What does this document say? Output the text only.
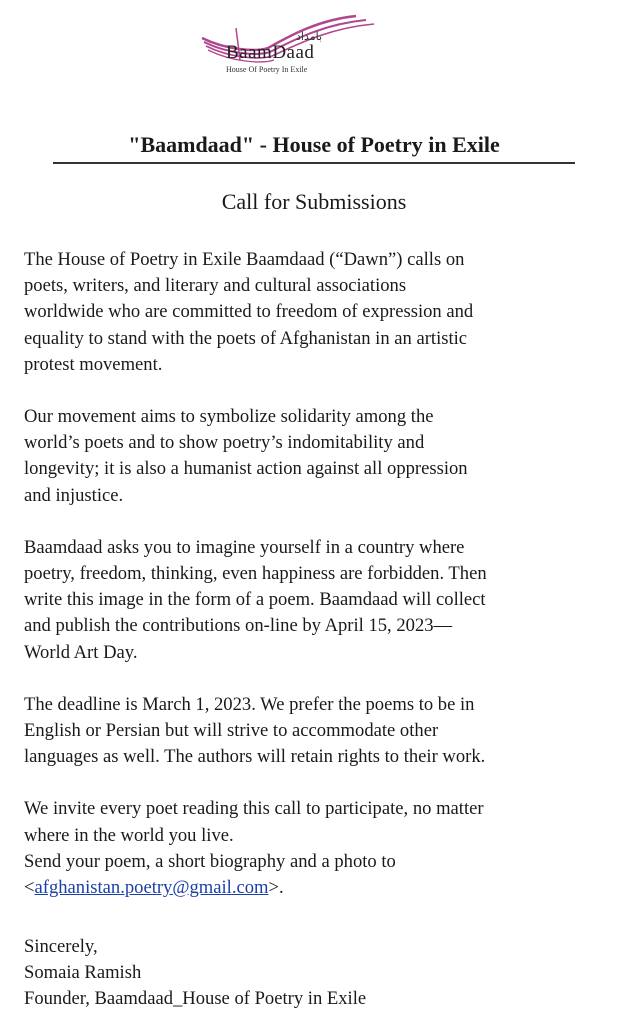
بامداد
BaamDaad
House Of Poetry In Exile
"Baamdaad" - House of Poetry in Exile
Call for Submissions

The House of Poetry in Exile Baamdaad (“Dawn”) calls on
poets, writers, and literary and cultural associations
worldwide who are committed to freedom of expression and
equality to stand with the poets of Afghanistan in an artistic
protest movement.

Our movement aims to symbolize solidarity among the
world’s poets and to show poetry’s indomitability and
longevity; it is also a humanist action against all oppression
and injustice.

Baamdaad asks you to imagine yourself in a country where
poetry, freedom, thinking, even happiness are forbidden. Then
write this image in the form of a poem. Baamdaad will collect
and publish the contributions on-line by April 15, 2023—
World Art Day.

The deadline is March 1, 2023. We prefer the poems to be in
English or Persian but will strive to accommodate other
languages as well. The authors will retain rights to their work.

We invite every poet reading this call to participate, no matter
where in the world you live.
Send your poem, a short biography and a photo to

<afghanistan.poetry@gmail.com>.
Sincerely,
Somaia Ramish
Founder, Baamdaad_House of Poetry in Exile
